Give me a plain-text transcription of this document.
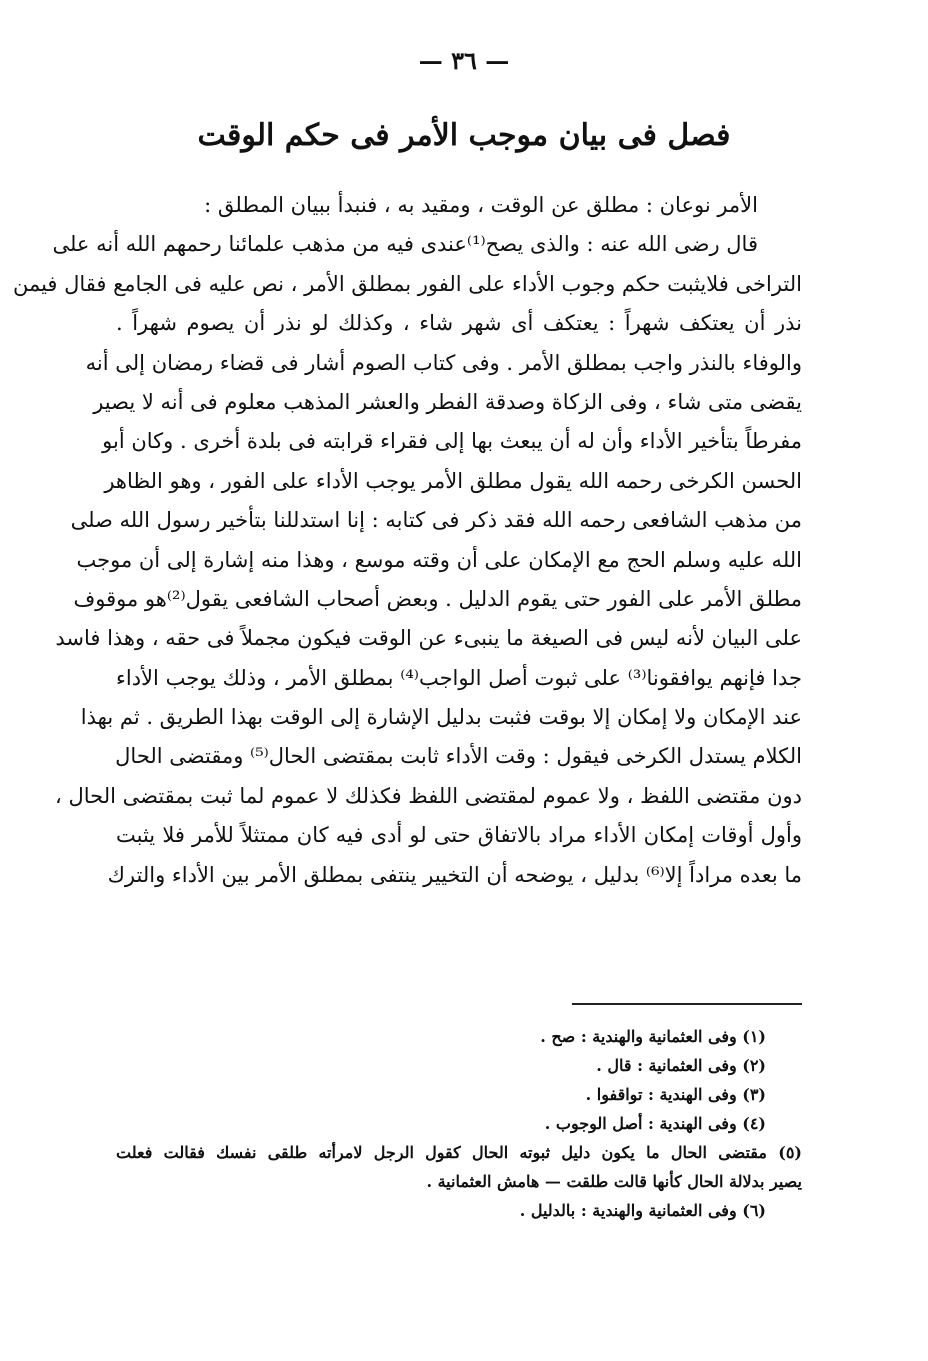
— ٣٦ —
فصل فى بيان موجب الأمر فى حكم الوقت
الأمر نوعان : مطلق عن الوقت ، ومقيد به ، فنبدأ ببيان المطلق :
قال رضى الله عنه : والذى يصح⁽¹⁾عندى فيه من مذهب علمائنا رحمهم الله أنه على
التراخى فلايثبت حكم وجوب الأداء على الفور بمطلق الأمر ، نص عليه فى الجامع فقال فيمن
نذر أن يعتكف شهراً : يعتكف أى شهر شاء ، وكذلك لو نذر أن يصوم شهراً .
والوفاء بالنذر واجب بمطلق الأمر . وفى كتاب الصوم أشار فى قضاء رمضان إلى أنه
يقضى متى شاء ، وفى الزكاة وصدقة الفطر والعشر المذهب معلوم فى أنه لا يصير
مفرطاً بتأخير الأداء وأن له أن يبعث بها إلى فقراء قرابته فى بلدة أخرى . وكان أبو
الحسن الكرخى رحمه الله يقول مطلق الأمر يوجب الأداء على الفور ، وهو الظاهر
من مذهب الشافعى رحمه الله فقد ذكر فى كتابه : إنا استدللنا بتأخير رسول الله صلى
الله عليه وسلم الحج مع الإمكان على أن وقته موسع ، وهذا منه إشارة إلى أن موجب
مطلق الأمر على الفور حتى يقوم الدليل . وبعض أصحاب الشافعى يقول⁽²⁾هو موقوف
على البيان لأنه ليس فى الصيغة ما ينبىء عن الوقت فيكون مجملاً فى حقه ، وهذا فاسد
جدا فإنهم يوافقونا⁽³⁾ على ثبوت أصل الواجب⁽⁴⁾ بمطلق الأمر ، وذلك يوجب الأداء
عند الإمكان ولا إمكان إلا بوقت فثبت بدليل الإشارة إلى الوقت بهذا الطريق . ثم بهذا
الكلام يستدل الكرخى فيقول : وقت الأداء ثابت بمقتضى الحال⁽⁵⁾ ومقتضى الحال
دون مقتضى اللفظ ، ولا عموم لمقتضى اللفظ فكذلك لا عموم لما ثبت بمقتضى الحال ،
وأول أوقات إمكان الأداء مراد بالاتفاق حتى لو أدى فيه كان ممتثلاً للأمر فلا يثبت
ما بعده مراداً إلا⁽⁶⁾ بدليل ، يوضحه أن التخيير ينتفى بمطلق الأمر بين الأداء والترك
(١) وفى العثمانية والهندية : صح .
(٢) وفى العثمانية : قال .
(٣) وفى الهندية : تواقفوا .
(٤) وفى الهندية : أصل الوجوب .
(٥) مقتضى الحال ما يكون دليل ثبوته الحال كقول الرجل لامرأته طلقى نفسك فقالت فعلت
يصير بدلالة الحال كأنها قالت طلقت — هامش العثمانية .
(٦) وفى العثمانية والهندية : بالدليل .
